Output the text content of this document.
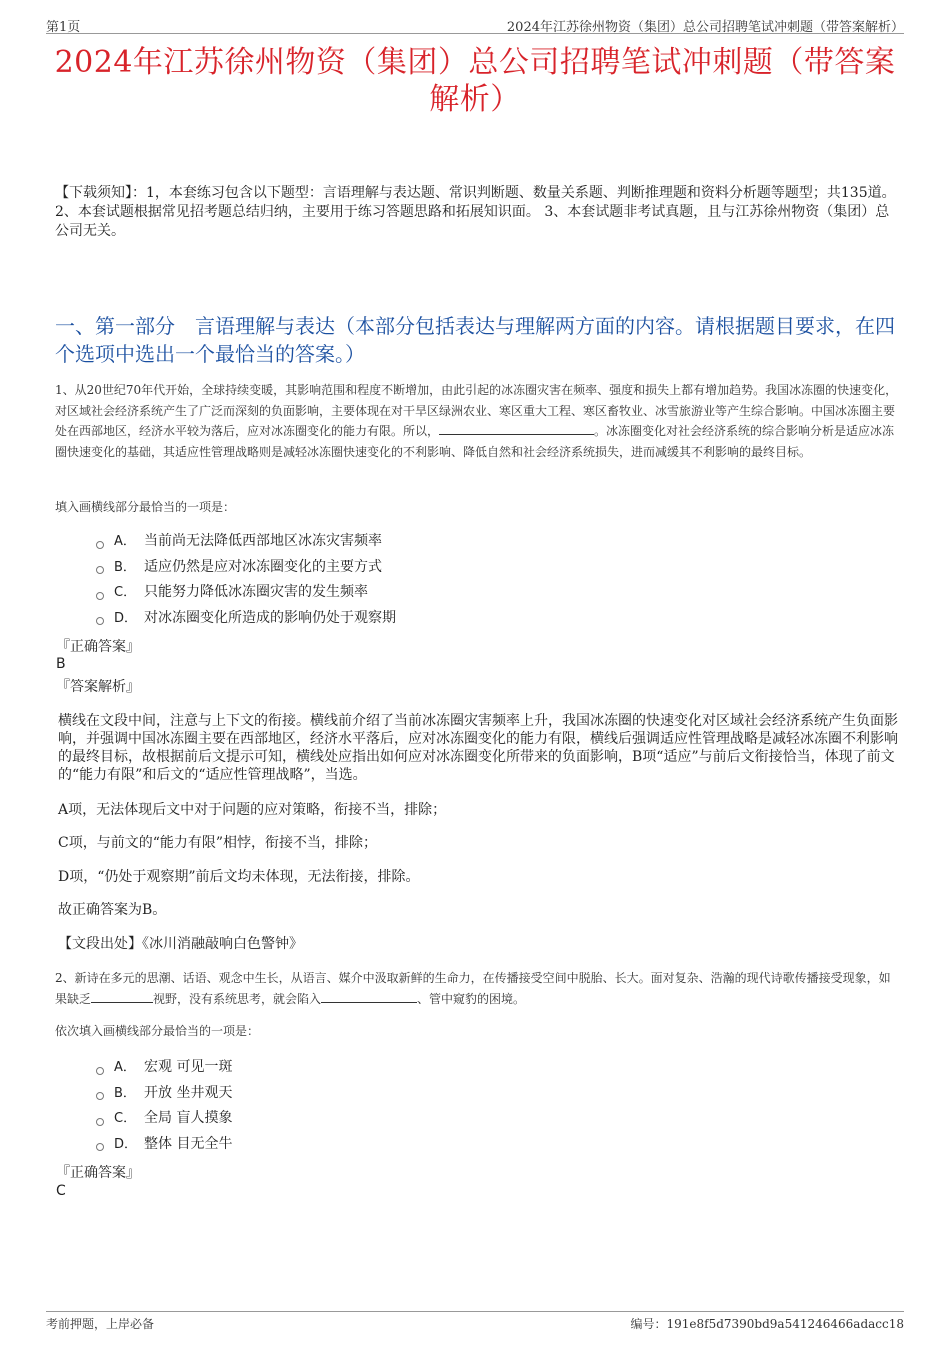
第1页	2024年江苏徐州物资（集团）总公司招聘笔试冲刺题（带答案解析）
2024年江苏徐州物资（集团）总公司招聘笔试冲刺题（带答案
解析）
【下载须知】：1，本套练习包含以下题型：言语理解与表达题、常识判断题、数量关系题、判断推理题和资料分析题等题型；共135道。 2、本套试题根据常见招考题总结归纳，主要用于练习答题思路和拓展知识面。 3、本套试题非考试真题，且与江苏徐州物资（集团）总公司无关。
一、第一部分　言语理解与表达（本部分包括表达与理解两方面的内容。请根据题目要求，在四个选项中选出一个最恰当的答案。）
1、从20世纪70年代开始，全球持续变暖，其影响范围和程度不断增加，由此引起的冰冻圈灾害在频率、强度和损失上都有增加趋势。我国冰冻圈的快速变化，对区域社会经济系统产生了广泛而深刻的负面影响，主要体现在对干旱区绿洲农业、寒区重大工程、寒区畜牧业、冰雪旅游业等产生综合影响。中国冰冻圈主要处在西部地区，经济水平较为落后，应对冰冻圈变化的能力有限。所以，	。冰冻圈变化对社会经济系统的综合影响分析是适应冰冻圈快速变化的基础，其适应性管理战略则是减轻冰冻圈快速变化的不利影响、降低自然和社会经济系统损失，进而减缓其不利影响的最终目标。
填入画横线部分最恰当的一项是：
A． 当前尚无法降低西部地区冰冻灾害频率
B． 适应仍然是应对冰冻圈变化的主要方式
C． 只能努力降低冰冻圈灾害的发生频率
D． 对冰冻圈变化所造成的影响仍处于观察期
『正确答案』
B
『答案解析』
横线在文段中间，注意与上下文的衔接。横线前介绍了当前冰冻圈灾害频率上升，我国冰冻圈的快速变化对区域社会经济系统产生负面影响，并强调中国冰冻圈主要在西部地区，经济水平落后，应对冰冻圈变化的能力有限，横线后强调适应性管理战略是减轻冰冻圈不利影响的最终目标，故根据前后文提示可知，横线处应指出如何应对冰冻圈变化所带来的负面影响，B项“适应”与前后文衔接恰当，体现了前文的“能力有限”和后文的“适应性管理战略”，当选。
A项，无法体现后文中对于问题的应对策略，衔接不当，排除；
C项，与前文的“能力有限”相悖，衔接不当，排除；
D项，“仍处于观察期”前后文均未体现，无法衔接，排除。
故正确答案为B。
【文段出处】《冰川消融敲响白色警钟》
2、新诗在多元的思潮、话语、观念中生长，从语言、媒介中汲取新鲜的生命力，在传播接受空间中脱胎、长大。面对复杂、浩瀚的现代诗歌传播接受现象，如果缺乏	视野，没有系统思考，就会陷入	、管中窥豹的困境。
依次填入画横线部分最恰当的一项是：
A． 宏观 可见一斑
B． 开放 坐井观天
C． 全局 盲人摸象
D． 整体 目无全牛
『正确答案』
C
考前押题，上岸必备	编号：191e8f5d7390bd9a541246466adacc18
